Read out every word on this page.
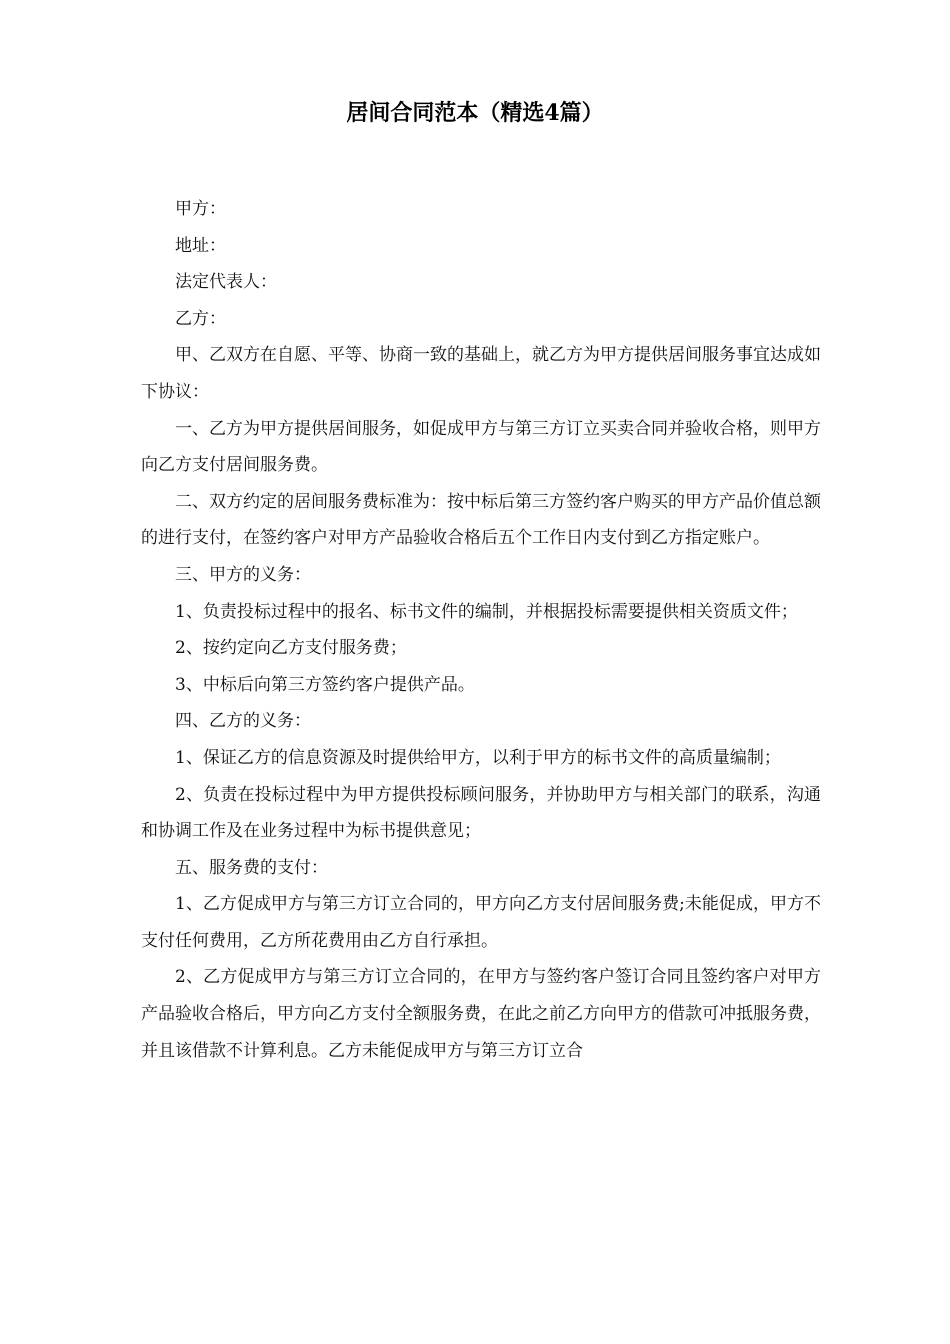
居间合同范本（精选4篇）

甲方：

地址：

法定代表人：

乙方：

甲、乙双方在自愿、平等、协商一致的基础上，就乙方为甲方提供居间服务事宜达成如下协议：

一、乙方为甲方提供居间服务，如促成甲方与第三方订立买卖合同并验收合格，则甲方向乙方支付居间服务费。

二、双方约定的居间服务费标准为：按中标后第三方签约客户购买的甲方产品价值总额的进行支付，在签约客户对甲方产品验收合格后五个工作日内支付到乙方指定账户。

三、甲方的义务：

1、负责投标过程中的报名、标书文件的编制，并根据投标需要提供相关资质文件；

2、按约定向乙方支付服务费；

3、中标后向第三方签约客户提供产品。

四、乙方的义务：

1、保证乙方的信息资源及时提供给甲方，以利于甲方的标书文件的高质量编制；

2、负责在投标过程中为甲方提供投标顾问服务，并协助甲方与相关部门的联系，沟通和协调工作及在业务过程中为标书提供意见；

五、服务费的支付：

1、乙方促成甲方与第三方订立合同的，甲方向乙方支付居间服务费;未能促成，甲方不支付任何费用，乙方所花费用由乙方自行承担。

2、乙方促成甲方与第三方订立合同的，在甲方与签约客户签订合同且签约客户对甲方产品验收合格后，甲方向乙方支付全额服务费，在此之前乙方向甲方的借款可冲抵服务费，并且该借款不计算利息。乙方未能促成甲方与第三方订立合
